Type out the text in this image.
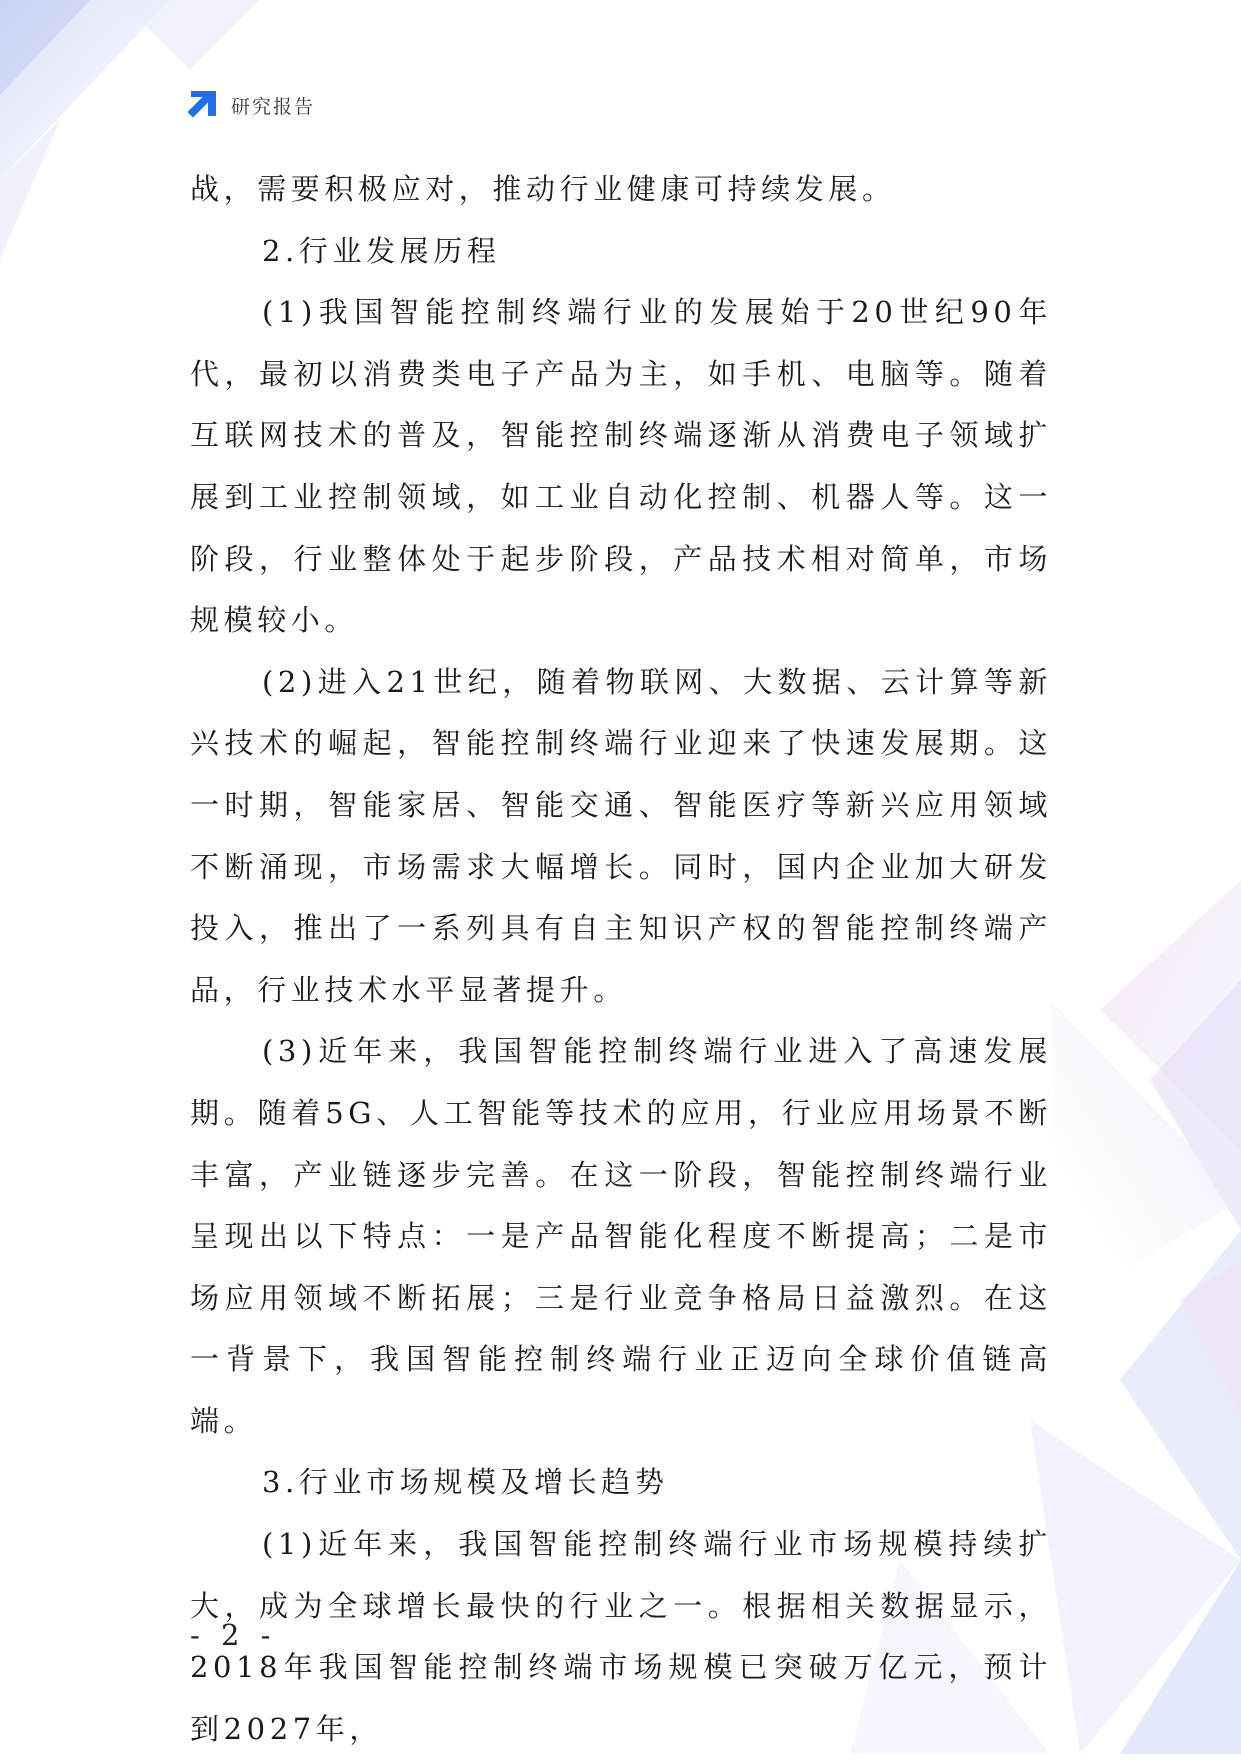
研究报告

战，需要积极应对，推动行业健康可持续发展。

2.行业发展历程

(1)我国智能控制终端行业的发展始于20世纪90年代，最初以消费类电子产品为主，如手机、电脑等。随着互联网技术的普及，智能控制终端逐渐从消费电子领域扩展到工业控制领域，如工业自动化控制、机器人等。这一阶段，行业整体处于起步阶段，产品技术相对简单，市场规模较小。

(2)进入21世纪，随着物联网、大数据、云计算等新兴技术的崛起，智能控制终端行业迎来了快速发展期。这一时期，智能家居、智能交通、智能医疗等新兴应用领域不断涌现，市场需求大幅增长。同时，国内企业加大研发投入，推出了一系列具有自主知识产权的智能控制终端产品，行业技术水平显著提升。

(3)近年来，我国智能控制终端行业进入了高速发展期。随着5G、人工智能等技术的应用，行业应用场景不断丰富，产业链逐步完善。在这一阶段，智能控制终端行业呈现出以下特点：一是产品智能化程度不断提高；二是市场应用领域不断拓展；三是行业竞争格局日益激烈。在这一背景下，我国智能控制终端行业正迈向全球价值链高端。

3.行业市场规模及增长趋势

(1)近年来，我国智能控制终端行业市场规模持续扩大，成为全球增长最快的行业之一。根据相关数据显示，2018年我国智能控制终端市场规模已突破万亿元，预计到2027年，

- 2 -
